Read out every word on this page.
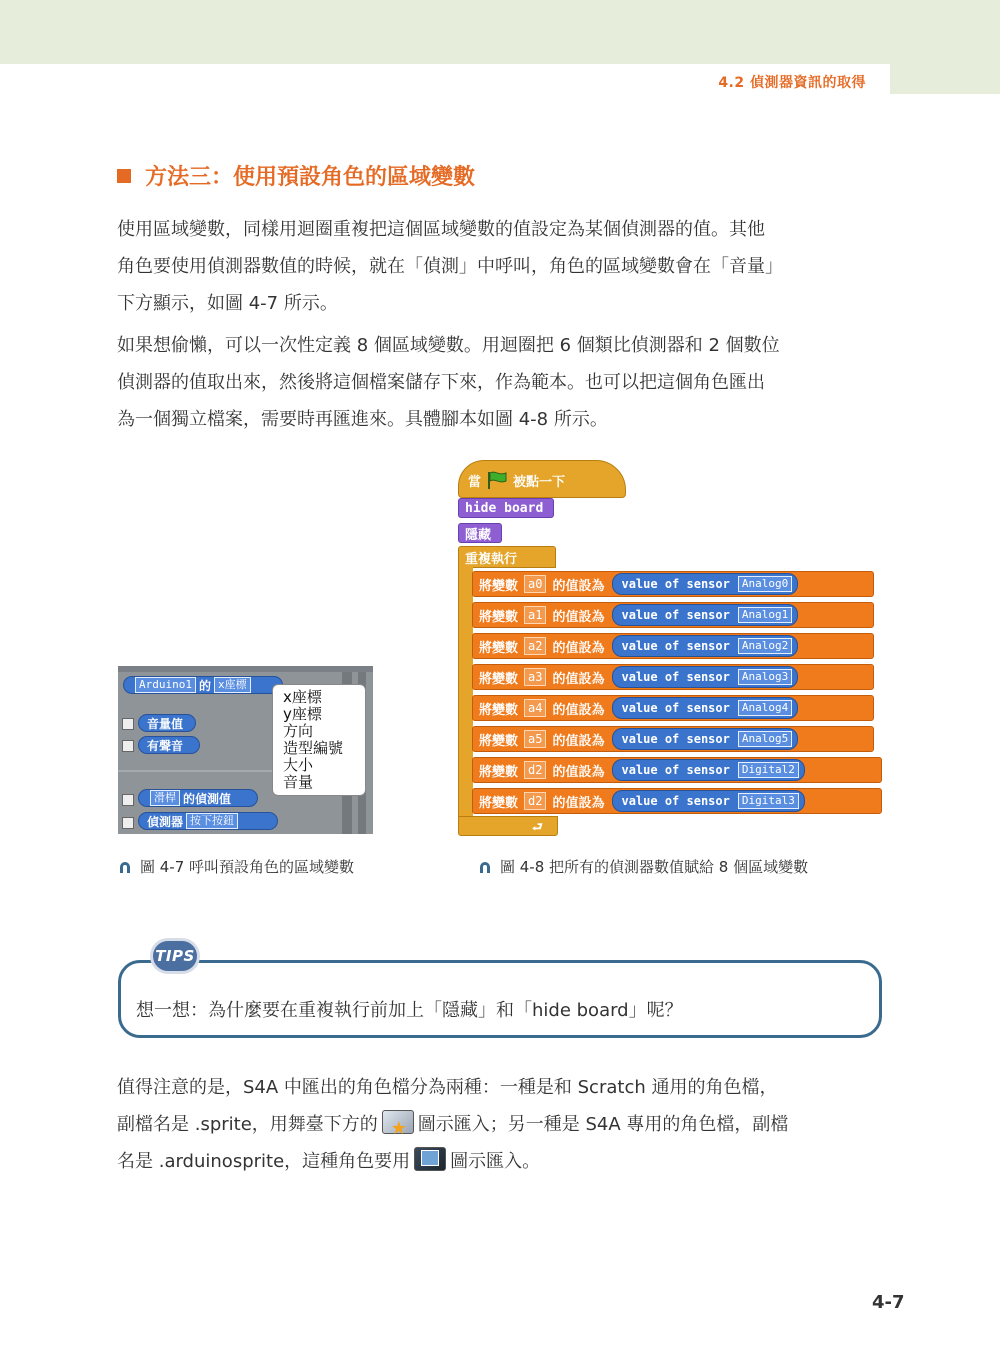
4.2 偵測器資訊的取得
方法三：使用預設角色的區域變數
使用區域變數，同樣用迴圈重複把這個區域變數的值設定為某個偵測器的值。其他
角色要使用偵測器數值的時候，就在「偵測」中呼叫，角色的區域變數會在「音量」
下方顯示，如圖 4-7 所示。
如果想偷懶，可以一次性定義 8 個區域變數。用迴圈把 6 個類比偵測器和 2 個數位
偵測器的值取出來，然後將這個檔案儲存下來，作為範本。也可以把這個角色匯出
為一個獨立檔案，需要時再匯進來。具體腳本如圖 4-8 所示。
Arduino1 的 x座標
音量值
有聲音
滑桿 的偵測值
偵測器 按下按鈕
x座標
y座標
方向
造型編號
大小
音量
圖 4-7 呼叫預設角色的區域變數
當 被點一下
hide board
隱藏
重複執行
⮐
將變數 a0 的值設為 value of sensor	Analog0
將變數 a1 的值設為 value of sensor	Analog1
將變數 a2 的值設為 value of sensor	Analog2
將變數 a3 的值設為 value of sensor	Analog3
將變數 a4 的值設為 value of sensor	Analog4
將變數 a5 的值設為 value of sensor	Analog5
將變數 d2 的值設為 value of sensor	Digital2
將變數 d2 的值設為 value of sensor	Digital3
圖 4-8 把所有的偵測器數值賦給 8 個區域變數
TIPS
想一想：為什麼要在重複執行前加上「隱藏」和「hide board」呢？
值得注意的是，S4A 中匯出的角色檔分為兩種：一種是和 Scratch 通用的角色檔，
副檔名是 .sprite，用舞臺下方的 ★ 圖示匯入；另一種是 S4A 專用的角色檔，副檔
名是 .arduinosprite，這種角色要用 圖示匯入。
4-7
